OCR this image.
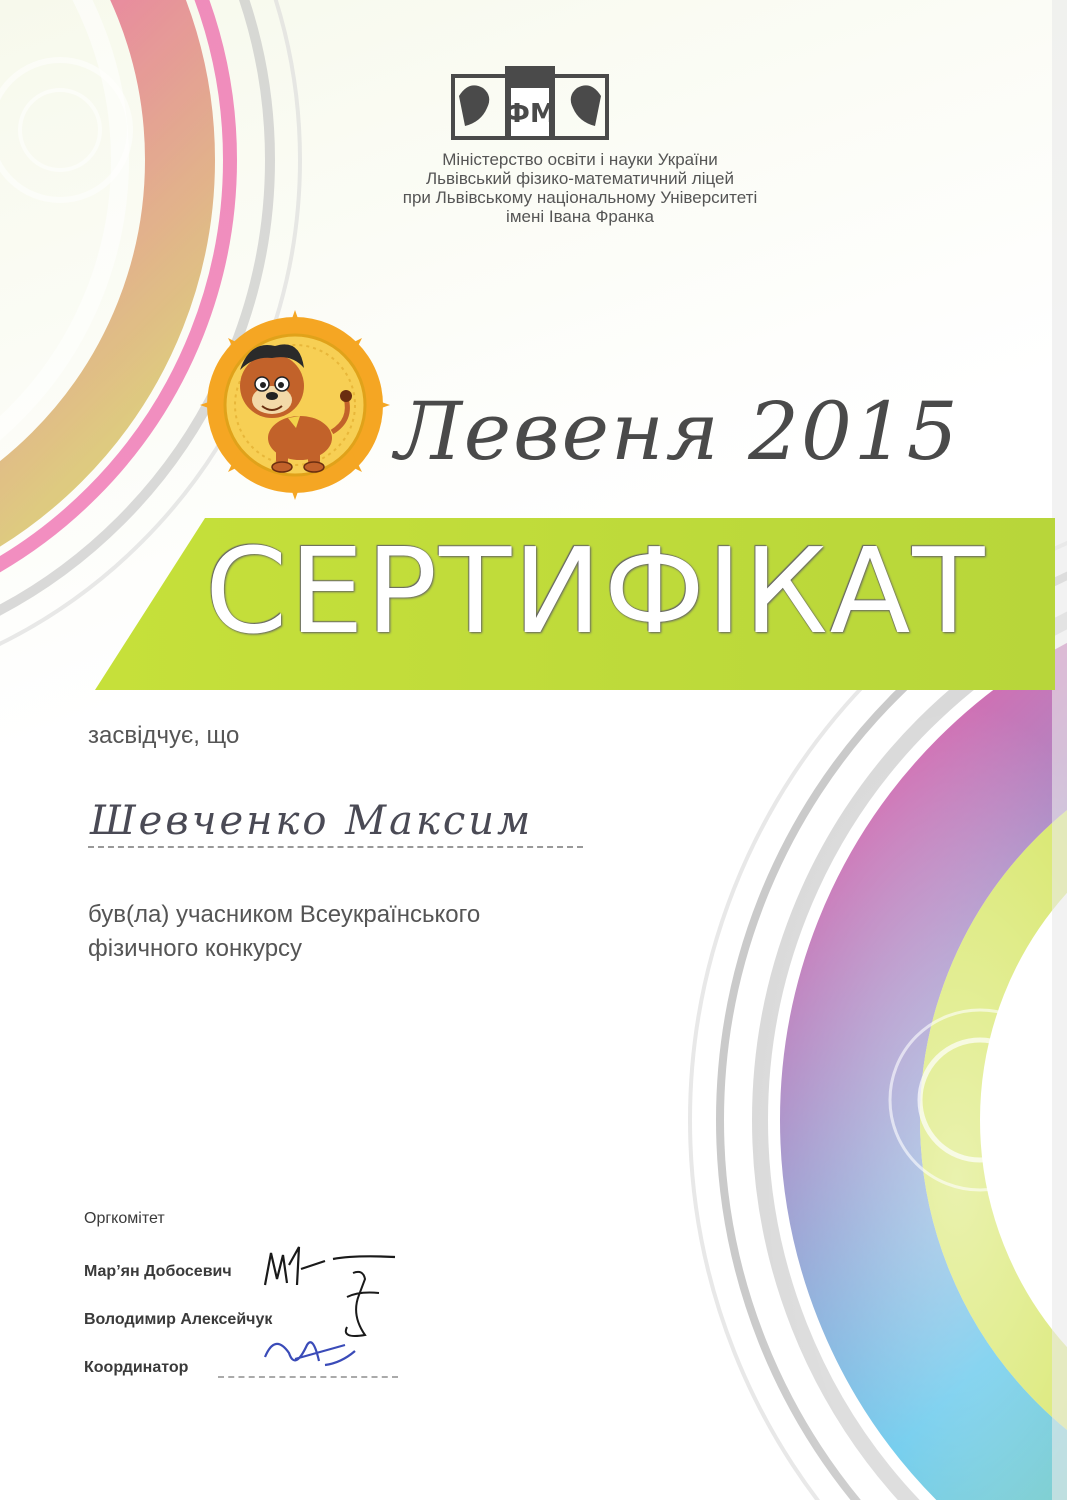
ФМ
Міністерство освіти і науки України
Львівський фізико-математичний ліцей
при Львівському національному Університеті
імені Івана Франка
Левеня 2015
СЕРТИФІКАТ
засвідчує, що
Шевченко Максим
був(ла) учасником Всеукраїнського
фізичного конкурсу
Оргкомітет
Мар’ян Добосевич
Володимир Алексейчук
Координатор
